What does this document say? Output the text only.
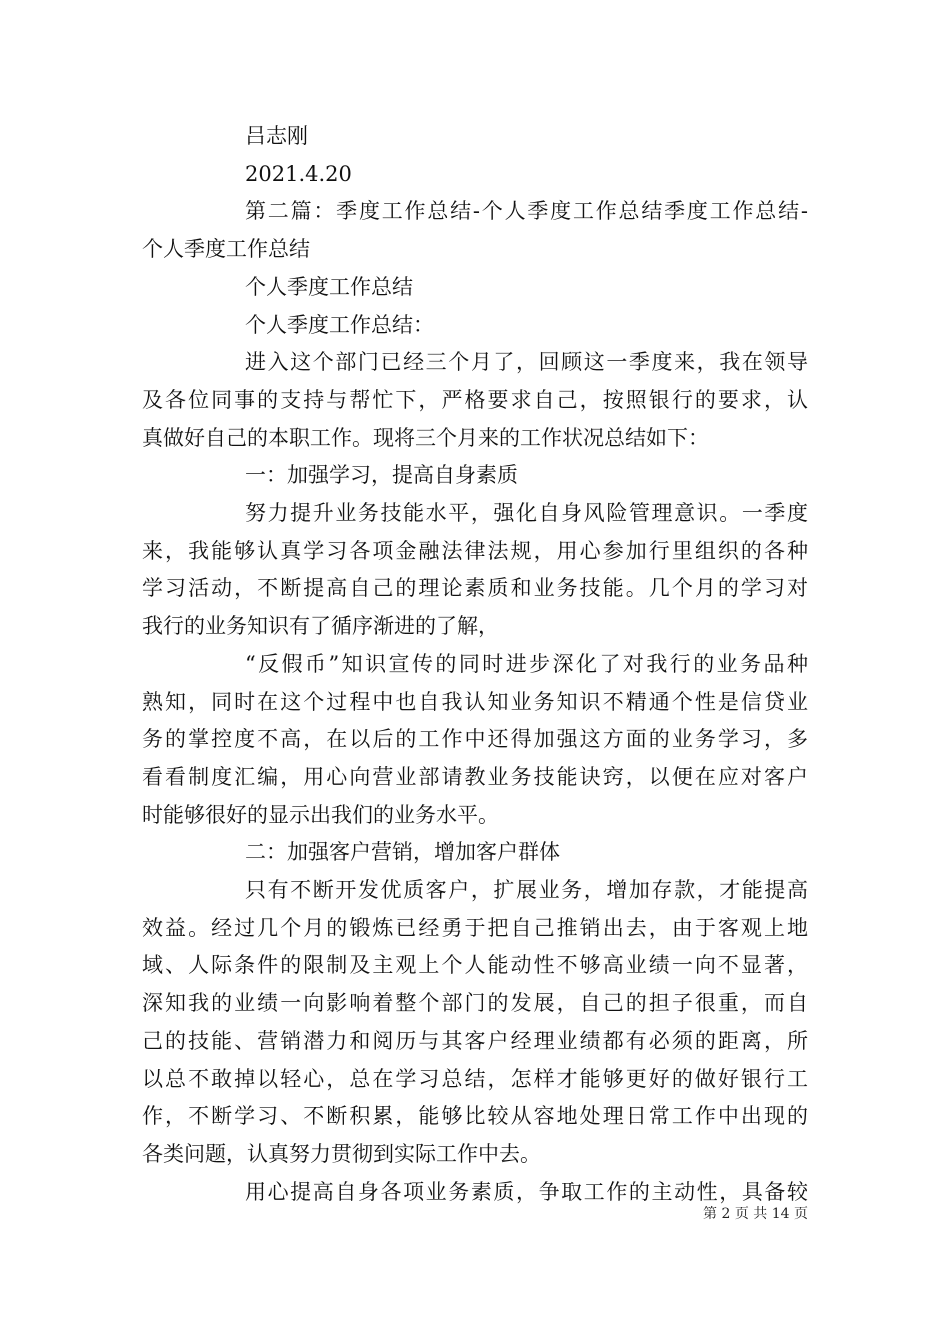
吕志刚

2021.4.20

第二篇：季度工作总结-个人季度工作总结季度工作总结-

个人季度工作总结

个人季度工作总结

个人季度工作总结：

进入这个部门已经三个月了，回顾这一季度来，我在领导

及各位同事的支持与帮忙下，严格要求自己，按照银行的要求，认

真做好自己的本职工作。现将三个月来的工作状况总结如下：

一：加强学习，提高自身素质

努力提升业务技能水平，强化自身风险管理意识。一季度

来，我能够认真学习各项金融法律法规，用心参加行里组织的各种

学习活动，不断提高自己的理论素质和业务技能。几个月的学习对

我行的业务知识有了循序渐进的了解，

“反假币”知识宣传的同时进步深化了对我行的业务品种

熟知，同时在这个过程中也自我认知业务知识不精通个性是信贷业

务的掌控度不高，在以后的工作中还得加强这方面的业务学习，多

看看制度汇编，用心向营业部请教业务技能诀窍，以便在应对客户

时能够很好的显示出我们的业务水平。

二：加强客户营销，增加客户群体

只有不断开发优质客户，扩展业务，增加存款，才能提高

效益。经过几个月的锻炼已经勇于把自己推销出去，由于客观上地

域、人际条件的限制及主观上个人能动性不够高业绩一向不显著，

深知我的业绩一向影响着整个部门的发展，自己的担子很重，而自

己的技能、营销潜力和阅历与其客户经理业绩都有必须的距离，所

以总不敢掉以轻心，总在学习总结，怎样才能够更好的做好银行工

作，不断学习、不断积累，能够比较从容地处理日常工作中出现的

各类问题，认真努力贯彻到实际工作中去。

用心提高自身各项业务素质，争取工作的主动性，具备较

第 2 页 共 14 页
